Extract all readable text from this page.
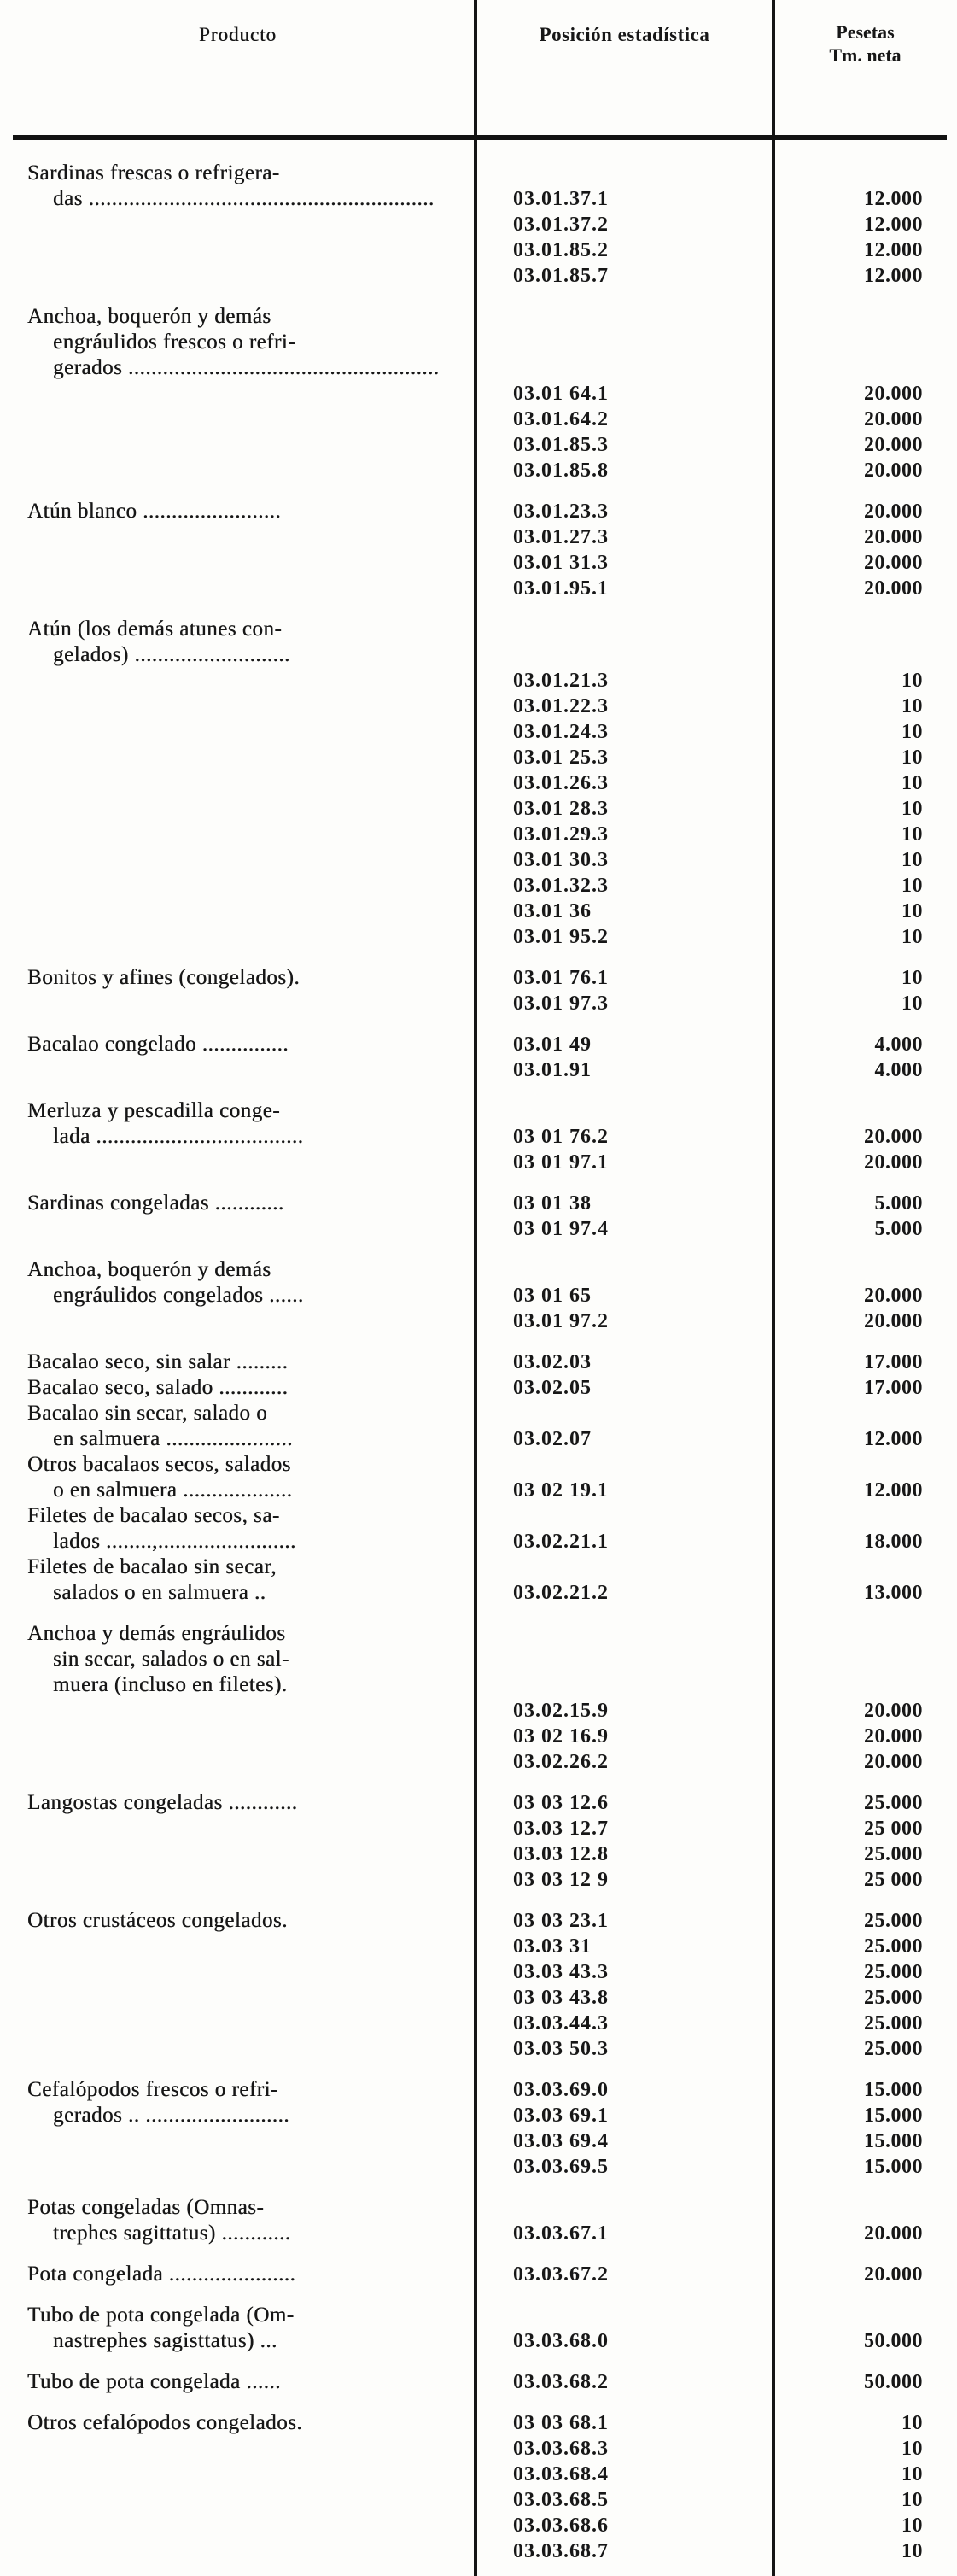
Producto	Posición estadística	Pesetas
Tm. neta
Sardinas frescas o refrigera-
das ............................................................	03.01.37.1	12.000
03.01.37.2	12.000
03.01.85.2	12.000
03.01.85.7	12.000
Anchoa, boquerón y demás
engráulidos frescos o refri-
gerados ......................................................
03.01 64.1	20.000
03.01.64.2	20.000
03.01.85.3	20.000
03.01.85.8	20.000
Atún blanco ........................	03.01.23.3	20.000
03.01.27.3	20.000
03.01 31.3	20.000
03.01.95.1	20.000
Atún (los demás atunes con-
gelados) ...........................
03.01.21.3	10
03.01.22.3	10
03.01.24.3	10
03.01 25.3	10
03.01.26.3	10
03.01 28.3	10
03.01.29.3	10
03.01 30.3	10
03.01.32.3	10
03.01 36	10
03.01 95.2	10
Bonitos y afines (congelados).	03.01 76.1	10
03.01 97.3	10
Bacalao congelado ...............	03.01 49	4.000
03.01.91	4.000
Merluza y pescadilla conge-
lada ....................................	03 01 76.2	20.000
03 01 97.1	20.000
Sardinas congeladas ............	03 01 38	5.000
03 01 97.4	5.000
Anchoa, boquerón y demás
engráulidos congelados ......	03 01 65	20.000
03.01 97.2	20.000
Bacalao seco, sin salar .........	03.02.03	17.000
Bacalao seco, salado ............	03.02.05	17.000
Bacalao sin secar, salado o
en salmuera ......................	03.02.07	12.000
Otros bacalaos secos, salados
o en salmuera ...................	03 02 19.1	12.000
Filetes de bacalao secos, sa-
lados ........,........................	03.02.21.1	18.000
Filetes de bacalao sin secar,
salados o en salmuera ..	03.02.21.2	13.000
Anchoa y demás engráulidos
sin secar, salados o en sal-
muera (incluso en filetes).
03.02.15.9	20.000
03 02 16.9	20.000
03.02.26.2	20.000
Langostas congeladas ............	03 03 12.6	25.000
03.03 12.7	25 000
03.03 12.8	25.000
03 03 12 9	25 000
Otros crustáceos congelados.	03 03 23.1	25.000
03.03 31	25.000
03.03 43.3	25.000
03 03 43.8	25.000
03.03.44.3	25.000
03.03 50.3	25.000
Cefalópodos frescos o refri-	03.03.69.0	15.000
gerados .. .........................	03.03 69.1	15.000
03.03 69.4	15.000
03.03.69.5	15.000
Potas congeladas (Omnas-
trephes sagittatus) ............	03.03.67.1	20.000
Pota congelada ......................	03.03.67.2	20.000
Tubo de pota congelada (Om-
nastrephes sagisttatus) ...	03.03.68.0	50.000
Tubo de pota congelada ......	03.03.68.2	50.000
Otros cefalópodos congelados.	03 03 68.1	10
03.03.68.3	10
03.03.68.4	10
03.03.68.5	10
03.03.68.6	10
03.03.68.7	10
